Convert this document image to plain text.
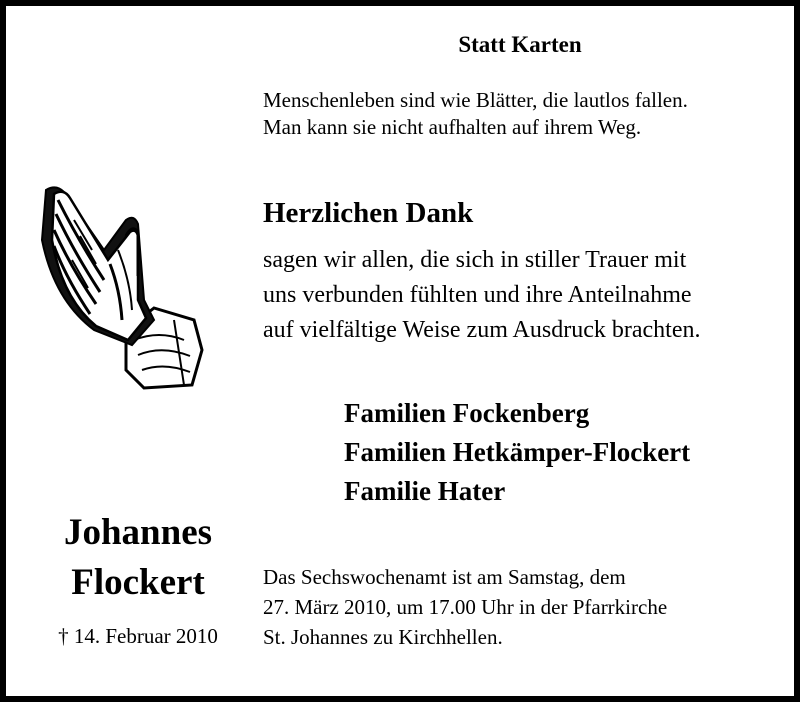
Statt Karten
Menschenleben sind wie Blätter, die lautlos fallen.
Man kann sie nicht aufhalten auf ihrem Weg.
Herzlichen Dank
sagen wir allen, die sich in stiller Trauer mit
uns verbunden fühlten und ihre Anteilnahme
auf vielfältige Weise zum Ausdruck brachten.
Familien Fockenberg
Familien Hetkämper-Flockert
Familie Hater
Johannes
Flockert
† 14. Februar 2010
Das Sechswochenamt ist am Samstag, dem
27. März 2010, um 17.00 Uhr in der Pfarrkirche
St. Johannes zu Kirchhellen.
